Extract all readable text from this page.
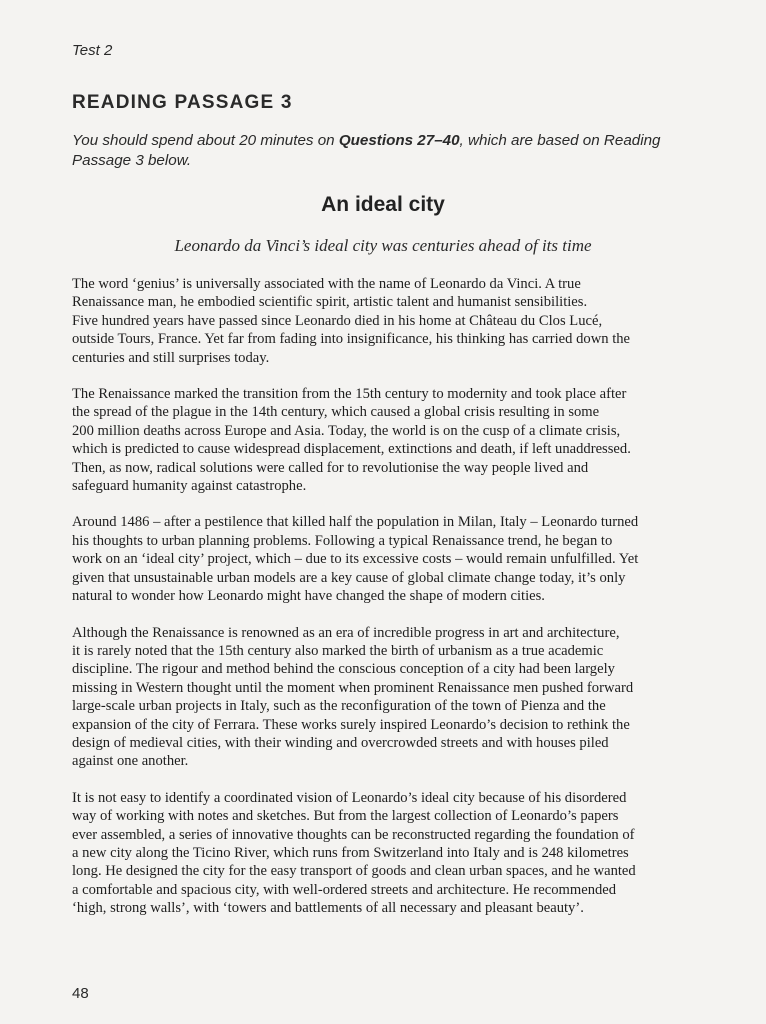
Test 2
READING PASSAGE 3
You should spend about 20 minutes on Questions 27–40, which are based on Reading
Passage 3 below.
An ideal city
Leonardo da Vinci’s ideal city was centuries ahead of its time

The word ‘genius’ is universally associated with the name of Leonardo da Vinci. A true
Renaissance man, he embodied scientific spirit, artistic talent and humanist sensibilities.
Five hundred years have passed since Leonardo died in his home at Château du Clos Lucé,
outside Tours, France. Yet far from fading into insignificance, his thinking has carried down the
centuries and still surprises today.

The Renaissance marked the transition from the 15th century to modernity and took place after
the spread of the plague in the 14th century, which caused a global crisis resulting in some
200 million deaths across Europe and Asia. Today, the world is on the cusp of a climate crisis,
which is predicted to cause widespread displacement, extinctions and death, if left unaddressed.
Then, as now, radical solutions were called for to revolutionise the way people lived and
safeguard humanity against catastrophe.

Around 1486 – after a pestilence that killed half the population in Milan, Italy – Leonardo turned
his thoughts to urban planning problems. Following a typical Renaissance trend, he began to
work on an ‘ideal city’ project, which – due to its excessive costs – would remain unfulfilled. Yet
given that unsustainable urban models are a key cause of global climate change today, it’s only
natural to wonder how Leonardo might have changed the shape of modern cities.

Although the Renaissance is renowned as an era of incredible progress in art and architecture,
it is rarely noted that the 15th century also marked the birth of urbanism as a true academic
discipline. The rigour and method behind the conscious conception of a city had been largely
missing in Western thought until the moment when prominent Renaissance men pushed forward
large-scale urban projects in Italy, such as the reconfiguration of the town of Pienza and the
expansion of the city of Ferrara. These works surely inspired Leonardo’s decision to rethink the
design of medieval cities, with their winding and overcrowded streets and with houses piled
against one another.

It is not easy to identify a coordinated vision of Leonardo’s ideal city because of his disordered
way of working with notes and sketches. But from the largest collection of Leonardo’s papers
ever assembled, a series of innovative thoughts can be reconstructed regarding the foundation of
a new city along the Ticino River, which runs from Switzerland into Italy and is 248 kilometres
long. He designed the city for the easy transport of goods and clean urban spaces, and he wanted
a comfortable and spacious city, with well-ordered streets and architecture. He recommended
‘high, strong walls’, with ‘towers and battlements of all necessary and pleasant beauty’.

48
